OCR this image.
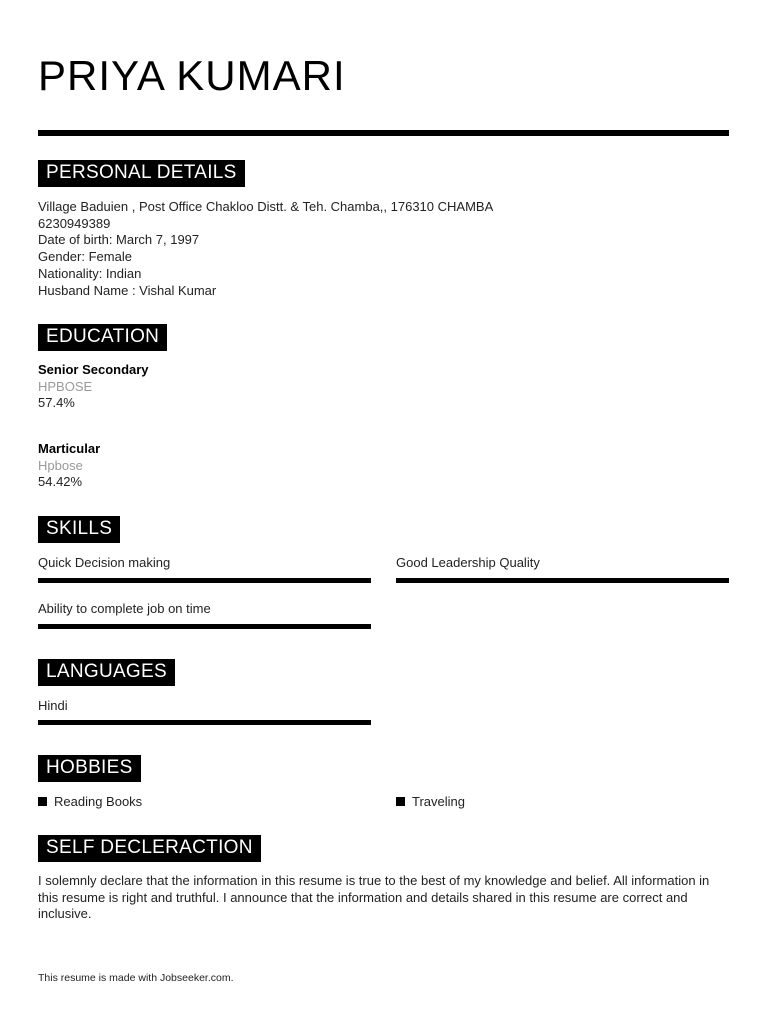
PRIYA KUMARI
PERSONAL DETAILS
Village Baduien , Post Office Chakloo Distt. & Teh. Chamba,, 176310 CHAMBA
6230949389
Date of birth: March 7, 1997
Gender: Female
Nationality: Indian
Husband Name : Vishal Kumar
EDUCATION
Senior Secondary
HPBOSE
57.4%
Marticular
Hpbose
54.42%
SKILLS
Quick Decision making	Good Leadership Quality
Ability to complete job on time
LANGUAGES
Hindi
HOBBIES
Reading Books	Traveling
SELF DECLERACTION
I solemnly declare that the information in this resume is true to the best of my knowledge and belief. All information in this resume is right and truthful. I announce that the information and details shared in this resume are correct and inclusive.
This resume is made with Jobseeker.com.
